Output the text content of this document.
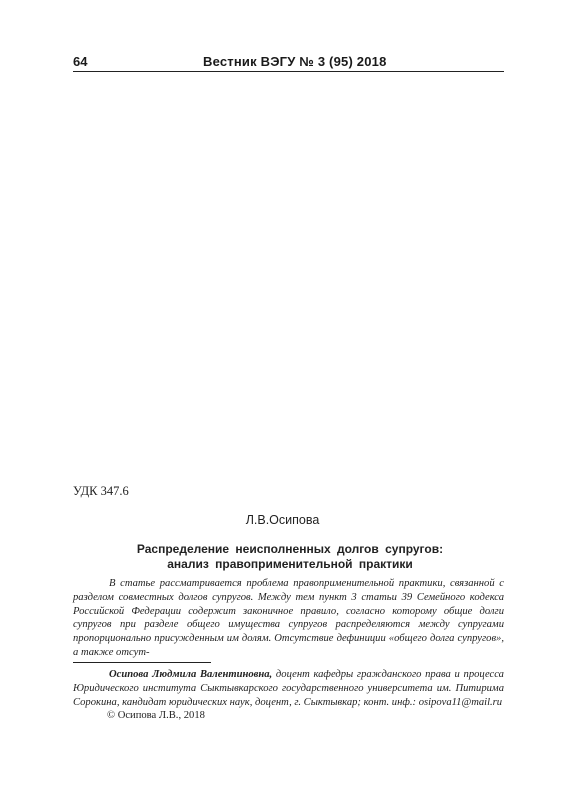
64	Вестник ВЭГУ № 3 (95) 2018
УДК 347.6
Л.В.Осипова
Распределение неисполненных долгов супругов:
анализ правоприменительной практики

В статье рассматривается проблема правоприменительной практики, связанной с разделом совместных долгов супругов. Между тем пункт 3 статьи 39 Семейного кодекса Российской Федерации содержит законичное правило, согласно которому общие долги супругов при разделе общего имущества супругов распределяются между супругами пропорционально присужденным им долям. Отсутствие дефиниции «общего долга супругов», а также отсут-

Осипова Людмила Валентиновна, доцент кафедры гражданского права и процесса Юридического института Сыктывкарского государственного университета им. Питирима Сорокина, кандидат юридических наук, доцент, г. Сыктывкар; конт. инф.: osipova11@mail.ru

© Осипова Л.В., 2018
